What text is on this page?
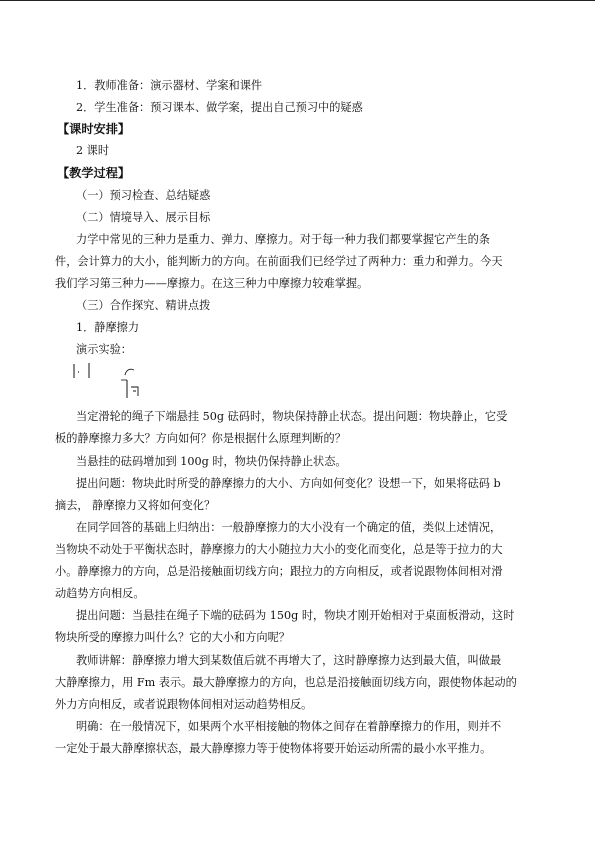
1．教师准备：演示器材、学案和课件
2．学生准备：预习课本、做学案，提出自己预习中的疑惑
【课时安排】
2 课时
【教学过程】
（一）预习检查、总结疑惑
（二）情境导入、展示目标
力学中常见的三种力是重力、弹力、摩擦力。对于每一种力我们都要掌握它产生的条
件，会计算力的大小，能判断力的方向。在前面我们已经学过了两种力：重力和弹力。今天
我们学习第三种力——摩擦力。在这三种力中摩擦力较难掌握。
（三）合作探究、精讲点拨
1．静摩擦力
演示实验：
当定滑轮的绳子下端悬挂 50g 砝码时，物块保持静止状态。提出问题：物块静止，它受
板的静摩擦力多大？方向如何？你是根据什么原理判断的？
当悬挂的砝码增加到 100g 时，物块仍保持静止状态。
提出问题：物块此时所受的静摩擦力的大小、方向如何变化？设想一下，如果将砝码 b
摘去， 静摩擦力又将如何变化？
在同学回答的基础上归纳出：一般静摩擦力的大小没有一个确定的值，类似上述情况，
当物块不动处于平衡状态时，静摩擦力的大小随拉力大小的变化而变化，总是等于拉力的大
小。静摩擦力的方向，总是沿接触面切线方向；跟拉力的方向相反，或者说跟物体间相对滑
动趋势方向相反。
提出问题：当悬挂在绳子下端的砝码为 150g 时，物块才刚开始相对于桌面板滑动，这时
物块所受的摩擦力叫什么？它的大小和方向呢？
教师讲解：静摩擦力增大到某数值后就不再增大了，这时静摩擦力达到最大值，叫做最
大静摩擦力，用 Fm 表示。最大静摩擦力的方向，也总是沿接触面切线方向，跟使物体起动的
外力方向相反，或者说跟物体间相对运动趋势相反。
明确：在一般情况下，如果两个水平相接触的物体之间存在着静摩擦力的作用，则并不
一定处于最大静摩擦状态，最大静摩擦力等于使物体将要开始运动所需的最小水平推力。
